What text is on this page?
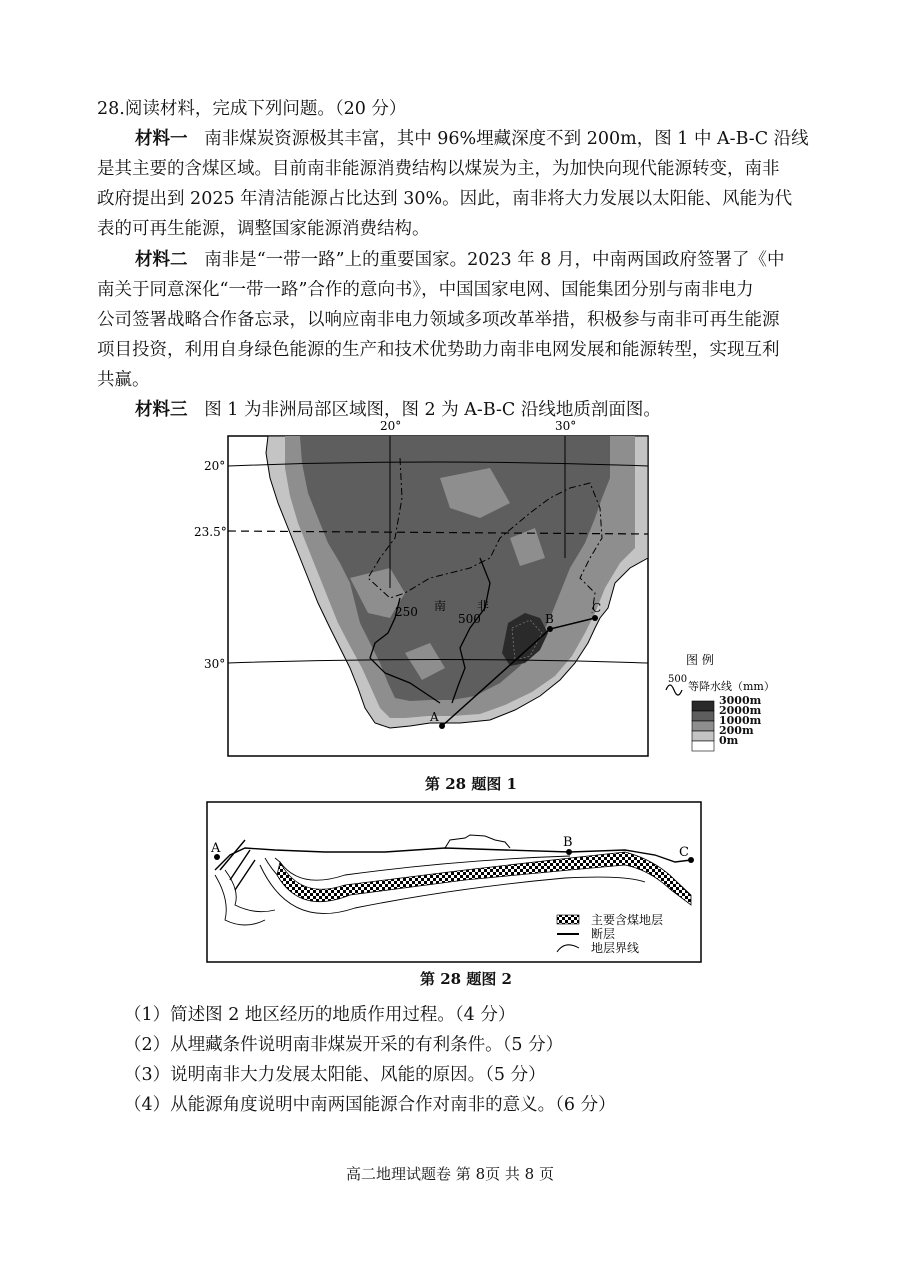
28.阅读材料，完成下列问题。（20 分）
材料一 南非煤炭资源极其丰富，其中 96%埋藏深度不到 200m，图 1 中 A-B-C 沿线
是其主要的含煤区域。目前南非能源消费结构以煤炭为主，为加快向现代能源转变，南非
政府提出到 2025 年清洁能源占比达到 30%。因此，南非将大力发展以太阳能、风能为代
表的可再生能源，调整国家能源消费结构。
材料二 南非是“一带一路”上的重要国家。2023 年 8 月，中南两国政府签署了《中
南关于同意深化“一带一路”合作的意向书》，中国国家电网、国能集团分别与南非电力
公司签署战略合作备忘录，以响应南非电力领域多项改革举措，积极参与南非可再生能源
项目投资，利用自身绿色能源的生产和技术优势助力南非电网发展和能源转型，实现互利
共赢。
材料三 图 1 为非洲局部区域图，图 2 为 A-B-C 沿线地质剖面图。
20°	30°
20°
23.5°
30°
250	500
南	非
A
B
C
图 例
500
等降水线（mm）
3000m
2000m
1000m
200m
0m
第 28 题图 1
A	B
C
主要含煤地层
断层
地层界线
第 28 题图 2
（1）简述图 2 地区经历的地质作用过程。（4 分）
（2）从埋藏条件说明南非煤炭开采的有利条件。（5 分）
（3）说明南非大力发展太阳能、风能的原因。（5 分）
（4）从能源角度说明中南两国能源合作对南非的意义。（6 分）
高二地理试题卷 第 8页 共 8 页
